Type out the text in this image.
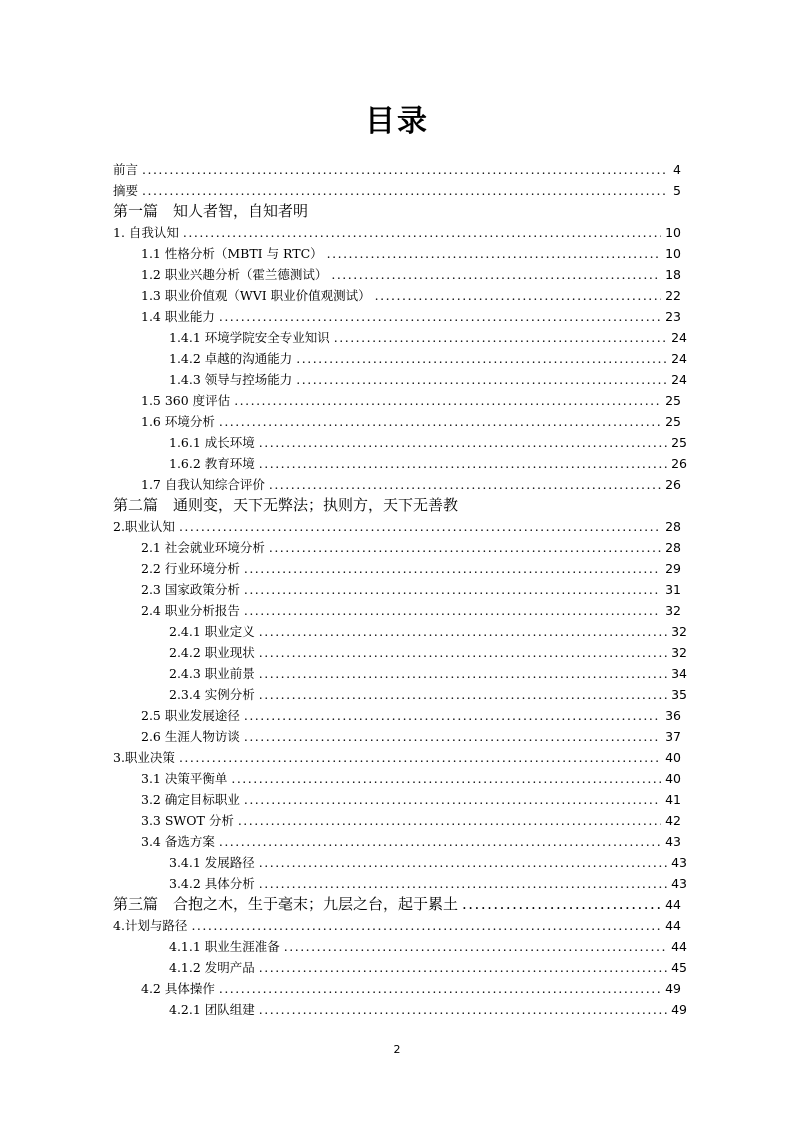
目录
前言 .....	4
摘要 .....	5
第一篇　知人者智，自知者明
1. 自我认知 .....	10
1.1 性格分析（MBTI 与 RTC） .....	10
1.2 职业兴趣分析（霍兰德测试） .....	18
1.3 职业价值观（WVI 职业价值观测试） .....	22
1.4 职业能力 .....	23
1.4.1 环境学院安全专业知识 .....	24
1.4.2 卓越的沟通能力 .....	24
1.4.3 领导与控场能力 .....	24
1.5 360 度评估 .....	25
1.6 环境分析 .....	25
1.6.1 成长环境 .....	25
1.6.2 教育环境 .....	26
1.7 自我认知综合评价 .....	26
第二篇　通则变，天下无弊法；执则方，天下无善教
2.职业认知 .....	28
2.1 社会就业环境分析 .....	28
2.2 行业环境分析 .....	29
2.3 国家政策分析 .....	31
2.4 职业分析报告 .....	32
2.4.1 职业定义 .....	32
2.4.2 职业现状 .....	32
2.4.3 职业前景 .....	34
2.3.4 实例分析 .....	35
2.5 职业发展途径 .....	36
2.6 生涯人物访谈 .....	37
3.职业决策 .....	40
3.1 决策平衡单 .....	40
3.2 确定目标职业 .....	41
3.3 SWOT 分析 .....	42
3.4 备选方案 .....	43
3.4.1 发展路径 .....	43
3.4.2 具体分析 .....	43
第三篇　合抱之木，生于毫末；九层之台，起于累土 .....	44
4.计划与路径 .....	44
4.1.1 职业生涯准备 .....	44
4.1.2 发明产品 .....	45
4.2 具体操作 .....	49
4.2.1 团队组建 .....	49
2
